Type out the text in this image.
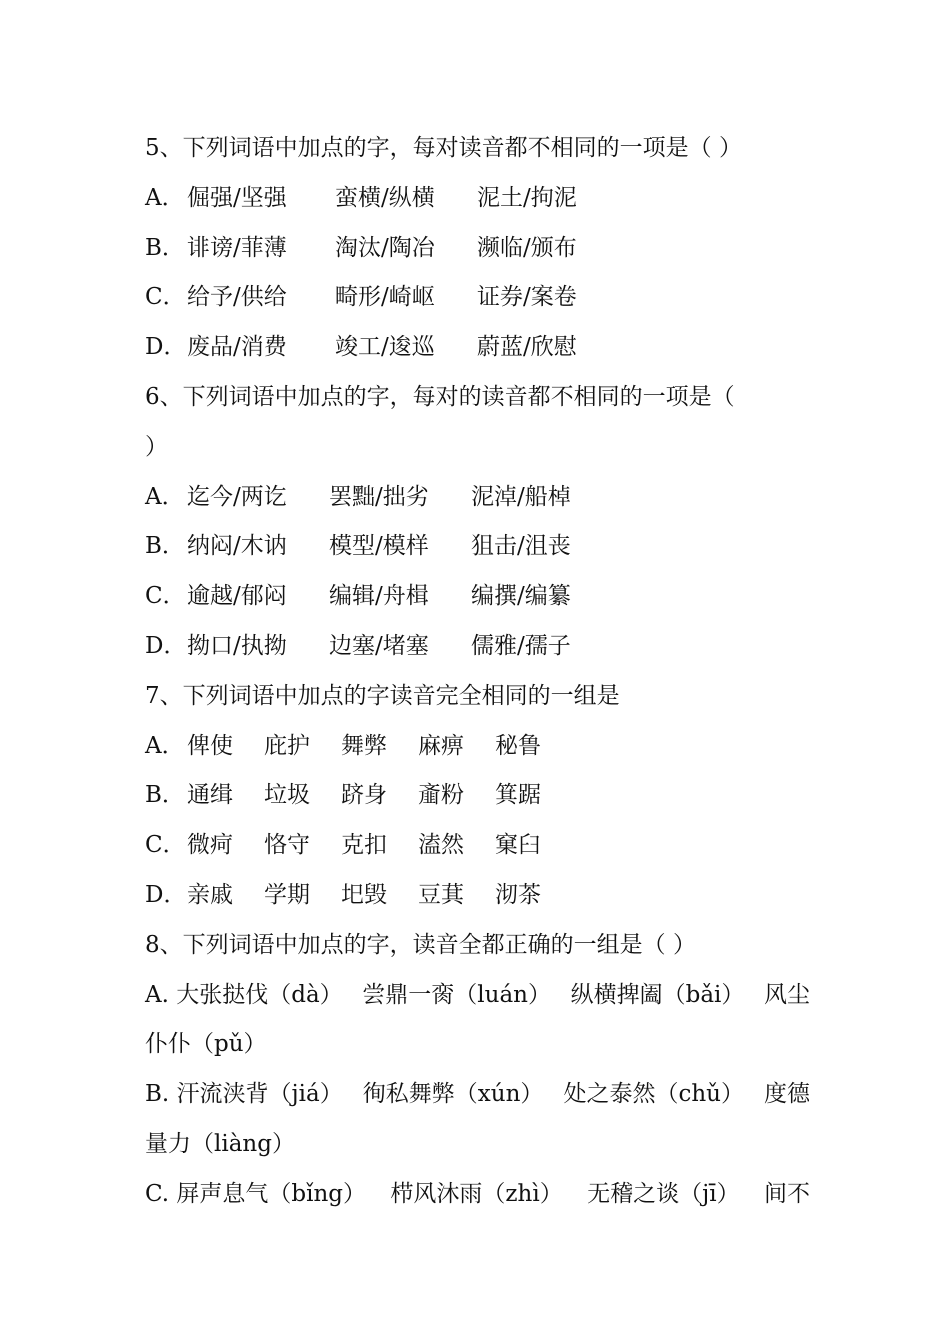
5、下列词语中加点的字，每对读音都不相同的一项是（ ）
A． 倔强/坚强	蛮横/纵横	泥土/拘泥
B． 诽谤/菲薄	淘汰/陶冶	濒临/颁布
C． 给予/供给	畸形/崎岖	证券/案卷
D． 废品/消费	竣工/逡巡	蔚蓝/欣慰
6、下列词语中加点的字，每对的读音都不相同的一项是（
）
A． 迄今/两讫	罢黜/拙劣	泥淖/船棹
B． 纳闷/木讷	模型/模样	狙击/沮丧
C． 逾越/郁闷	编辑/舟楫	编撰/编纂
D． 拗口/执拗	边塞/堵塞	儒雅/孺子
7、下列词语中加点的字读音完全相同的一组是
A． 俾使	庇护	舞弊	麻痹	秘鲁
B． 通缉	垃圾	跻身	齑粉	箕踞
C． 微疴	恪守	克扣	溘然	窠臼
D． 亲戚	学期	圯毁	豆萁	沏茶
8、下列词语中加点的字，读音全都正确的一组是（ ）
A. 大张挞伐（dà） 尝鼎一脔（luán） 纵横捭阖（bǎi） 风尘
仆仆（pǔ）
B. 汗流浃背（jiá） 徇私舞弊（xún） 处之泰然（chǔ） 度德
量力（liàng）
C. 屏声息气（bǐng） 栉风沐雨（zhì） 无稽之谈（jī） 间不
